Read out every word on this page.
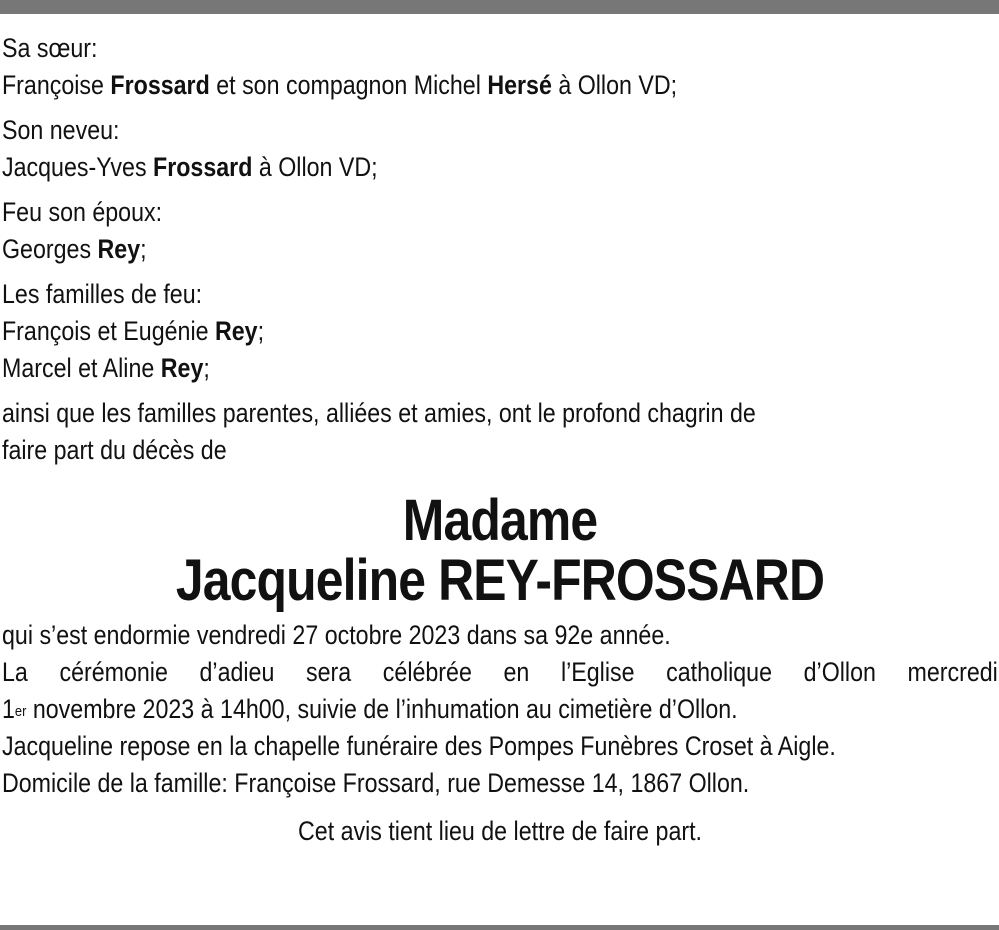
Sa sœur:
Françoise Frossard et son compagnon Michel Hersé à Ollon VD;
Son neveu:
Jacques-Yves Frossard à Ollon VD;
Feu son époux:
Georges Rey;
Les familles de feu:
François et Eugénie Rey;
Marcel et Aline Rey;
ainsi que les familles parentes, alliées et amies, ont le profond chagrin de
faire part du décès de
Madame
Jacqueline REY-FROSSARD
qui s’est endormie vendredi 27 octobre 2023 dans sa 92e année.
La cérémonie d’adieu sera célébrée en l’Eglise catholique d’Ollon mercredi
1er novembre 2023 à 14h00, suivie de l’inhumation au cimetière d’Ollon.
Jacqueline repose en la chapelle funéraire des Pompes Funèbres Croset à Aigle.
Domicile de la famille: Françoise Frossard, rue Demesse 14, 1867 Ollon.
Cet avis tient lieu de lettre de faire part.
